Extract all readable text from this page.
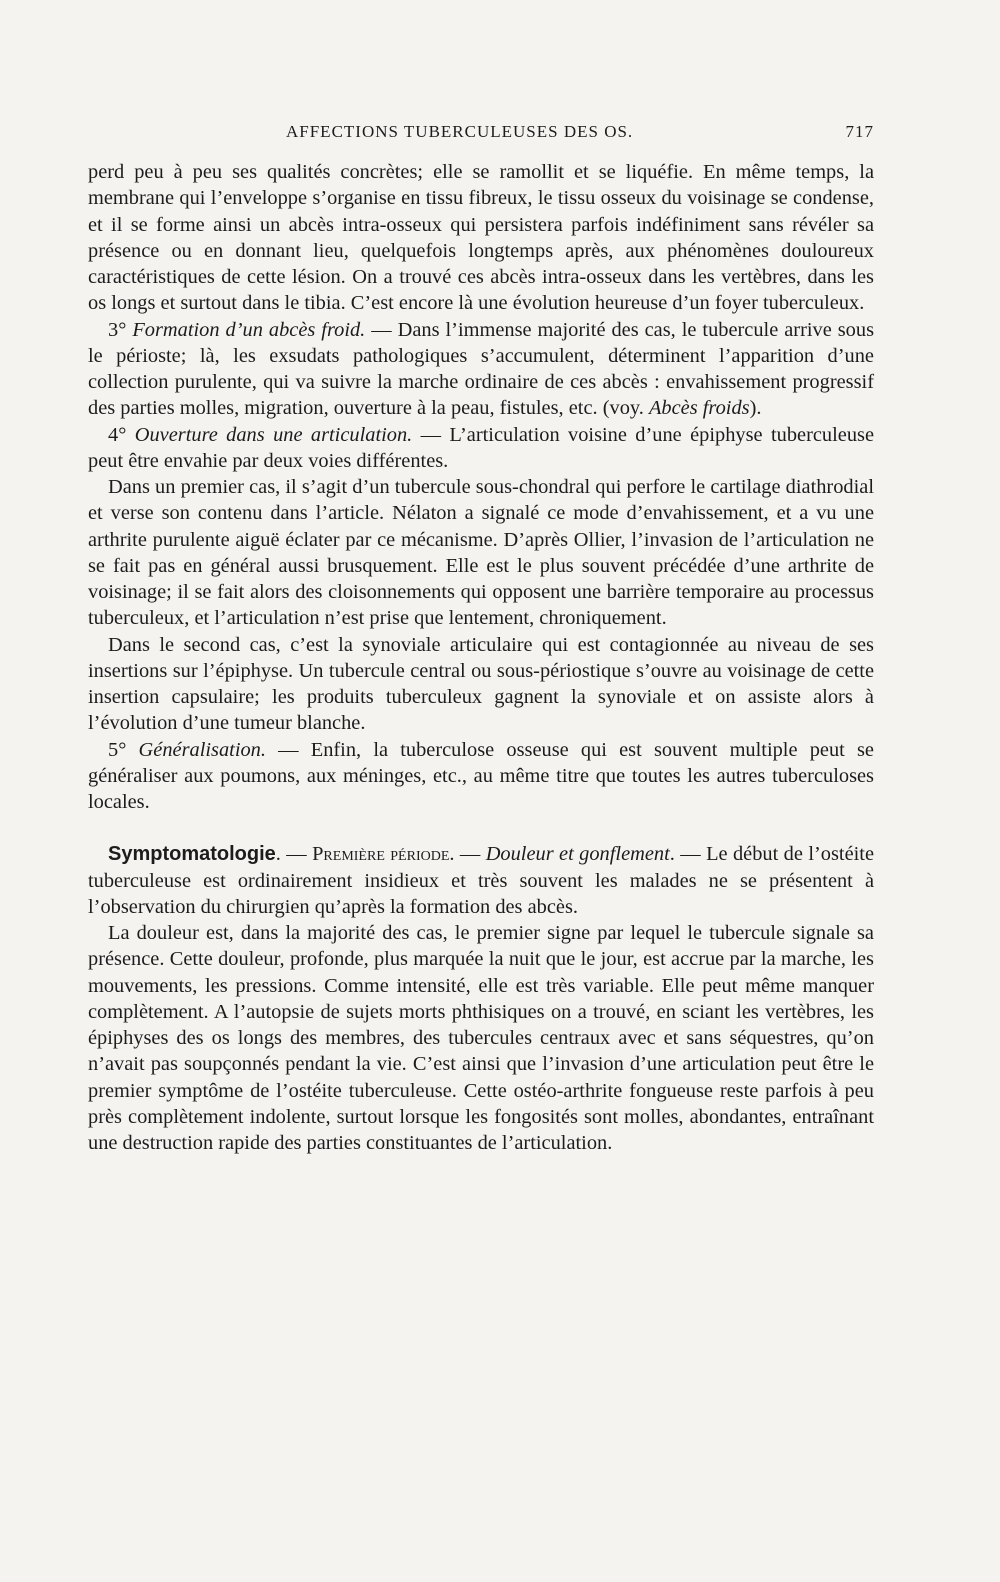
AFFECTIONS TUBERCULEUSES DES OS.	717

perd peu à peu ses qualités concrètes; elle se ramollit et se liquéfie. En même temps, la membrane qui l’enveloppe s’organise en tissu fibreux, le tissu osseux du voisinage se condense, et il se forme ainsi un abcès intra-osseux qui persistera parfois indéfiniment sans révéler sa présence ou en donnant lieu, quelquefois longtemps après, aux phénomènes douloureux caractéristiques de cette lésion. On a trouvé ces abcès intra-osseux dans les vertèbres, dans les os longs et surtout dans le tibia. C’est encore là une évolution heureuse d’un foyer tuberculeux.

3° Formation d’un abcès froid. — Dans l’immense majorité des cas, le tubercule arrive sous le périoste; là, les exsudats pathologiques s’accumulent, déterminent l’apparition d’une collection purulente, qui va suivre la marche ordinaire de ces abcès : envahissement progressif des parties molles, migration, ouverture à la peau, fistules, etc. (voy. Abcès froids).

4° Ouverture dans une articulation. — L’articulation voisine d’une épiphyse tuberculeuse peut être envahie par deux voies différentes.

Dans un premier cas, il s’agit d’un tubercule sous-chondral qui perfore le cartilage diathrodial et verse son contenu dans l’article. Nélaton a signalé ce mode d’envahissement, et a vu une arthrite purulente aiguë éclater par ce mécanisme. D’après Ollier, l’invasion de l’articulation ne se fait pas en général aussi brusquement. Elle est le plus souvent précédée d’une arthrite de voisinage; il se fait alors des cloisonnements qui opposent une barrière temporaire au processus tuberculeux, et l’articulation n’est prise que lentement, chroniquement.

Dans le second cas, c’est la synoviale articulaire qui est contagionnée au niveau de ses insertions sur l’épiphyse. Un tubercule central ou sous-périostique s’ouvre au voisinage de cette insertion capsulaire; les produits tuberculeux gagnent la synoviale et on assiste alors à l’évolution d’une tumeur blanche.

5° Généralisation. — Enfin, la tuberculose osseuse qui est souvent multiple peut se généraliser aux poumons, aux méninges, etc., au même titre que toutes les autres tuberculoses locales.

Symptomatologie. — Première période. — Douleur et gonflement. — Le début de l’ostéite tuberculeuse est ordinairement insidieux et très souvent les malades ne se présentent à l’observation du chirurgien qu’après la formation des abcès.

La douleur est, dans la majorité des cas, le premier signe par lequel le tubercule signale sa présence. Cette douleur, profonde, plus marquée la nuit que le jour, est accrue par la marche, les mouvements, les pressions. Comme intensité, elle est très variable. Elle peut même manquer complètement. A l’autopsie de sujets morts phthisiques on a trouvé, en sciant les vertèbres, les épiphyses des os longs des membres, des tubercules centraux avec et sans séquestres, qu’on n’avait pas soupçonnés pendant la vie. C’est ainsi que l’invasion d’une articulation peut être le premier symptôme de l’ostéite tuberculeuse. Cette ostéo-arthrite fongueuse reste parfois à peu près complètement indolente, surtout lorsque les fongosités sont molles, abondantes, entraînant une destruction rapide des parties constituantes de l’articulation.
